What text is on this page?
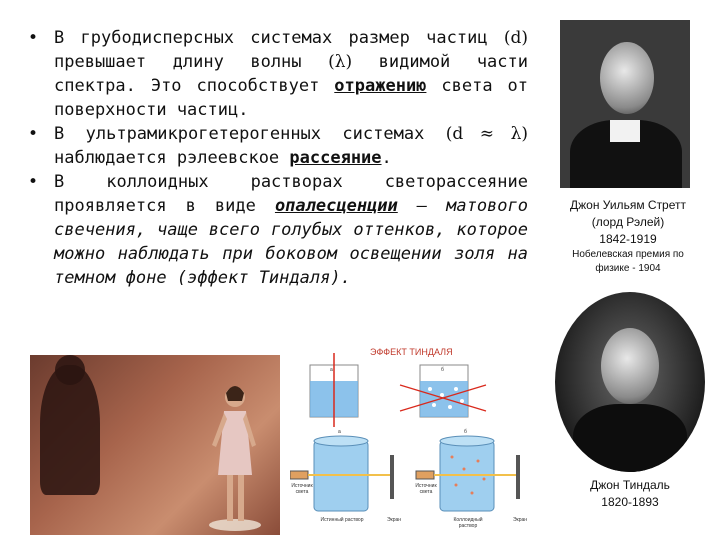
• В грубодисперсных системах размер частиц (d) превышает длину волны (λ) видимой части спектра. Это способствует отражению света от поверхности частиц.
• В ультрамикрогетерогенных системах (d ≈ λ) наблюдается рэлеевское рассеяние.
• В коллоидных растворах светорассеяние проявляется в виде опалесценции – матового свечения, чаще всего голубых оттенков, которое можно наблюдать при боковом освещении золя на темном фоне (эффект Тиндаля).
Джон Уильям Стретт
(лорд Рэлей)
1842-1919
Нобелевская премия по
физике - 1904
Джон Тиндаль
1820-1893
ЭФФЕКТ ТИНДАЛЯ
а	б
а	б
Источник света
Истинный раствор	Экран
Источник света
Коллоидный раствор
Экран
